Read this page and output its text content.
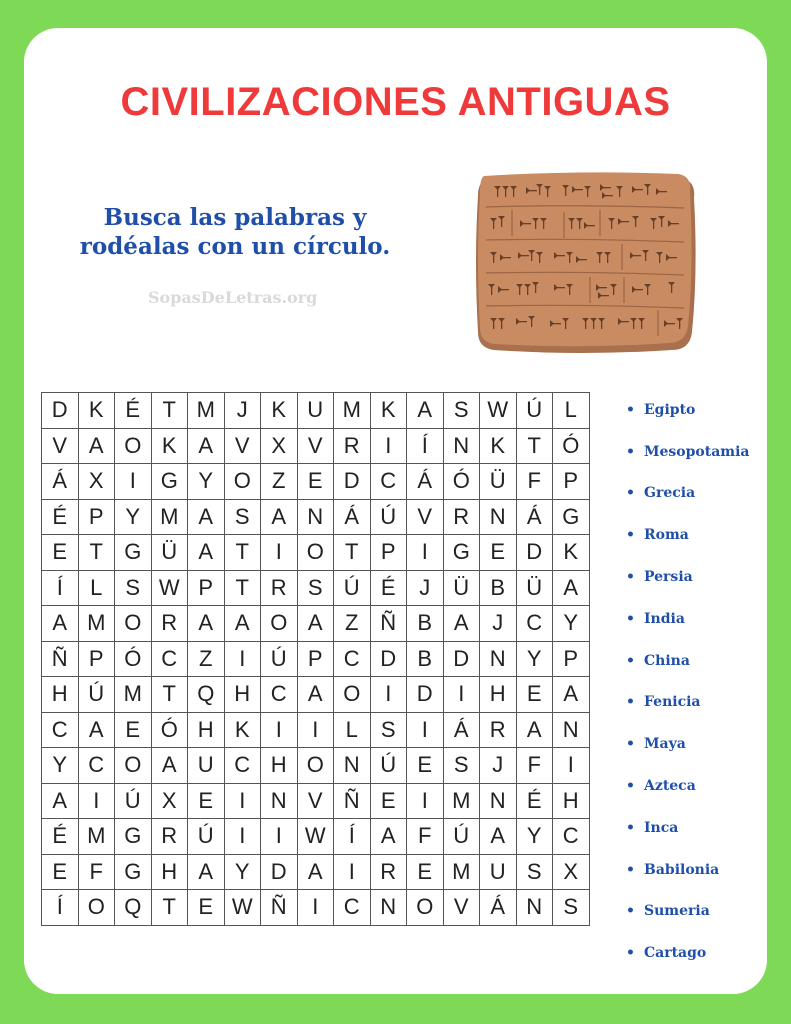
CIVILIZACIONES ANTIGUAS

Busca las palabras y
rodéalas con un círculo.

SopasDeLetras.org
D	K	É	T	M	J	K	U	M	K	A	S	W	Ú	L
V	A	O	K	A	V	X	V	R	I	Í	N	K	T	Ó
Á	X	I	G	Y	O	Z	E	D	C	Á	Ó	Ü	F	P
É	P	Y	M	A	S	A	N	Á	Ú	V	R	N	Á	G
E	T	G	Ü	A	T	I	O	T	P	I	G	E	D	K
Í	L	S	W	P	T	R	S	Ú	É	J	Ü	B	Ü	A
A	M	O	R	A	A	O	A	Z	Ñ	B	A	J	C	Y
Ñ	P	Ó	C	Z	I	Ú	P	C	D	B	D	N	Y	P
H	Ú	M	T	Q	H	C	A	O	I	D	I	H	E	A
C	A	E	Ó	H	K	I	I	L	S	I	Á	R	A	N
Y	C	O	A	U	C	H	O	N	Ú	E	S	J	F	I
A	I	Ú	X	E	I	N	V	Ñ	E	I	M	N	É	H
É	M	G	R	Ú	I	I	W	Í	A	F	Ú	A	Y	C
E	F	G	H	A	Y	D	A	I	R	E	M	U	S	X
Í	O	Q	T	E	W	Ñ	I	C	N	O	V	Á	N	S
• Egipto
• Mesopotamia
• Grecia
• Roma
• Persia
• India
• China
• Fenicia
• Maya
• Azteca
• Inca
• Babilonia
• Sumeria
• Cartago
